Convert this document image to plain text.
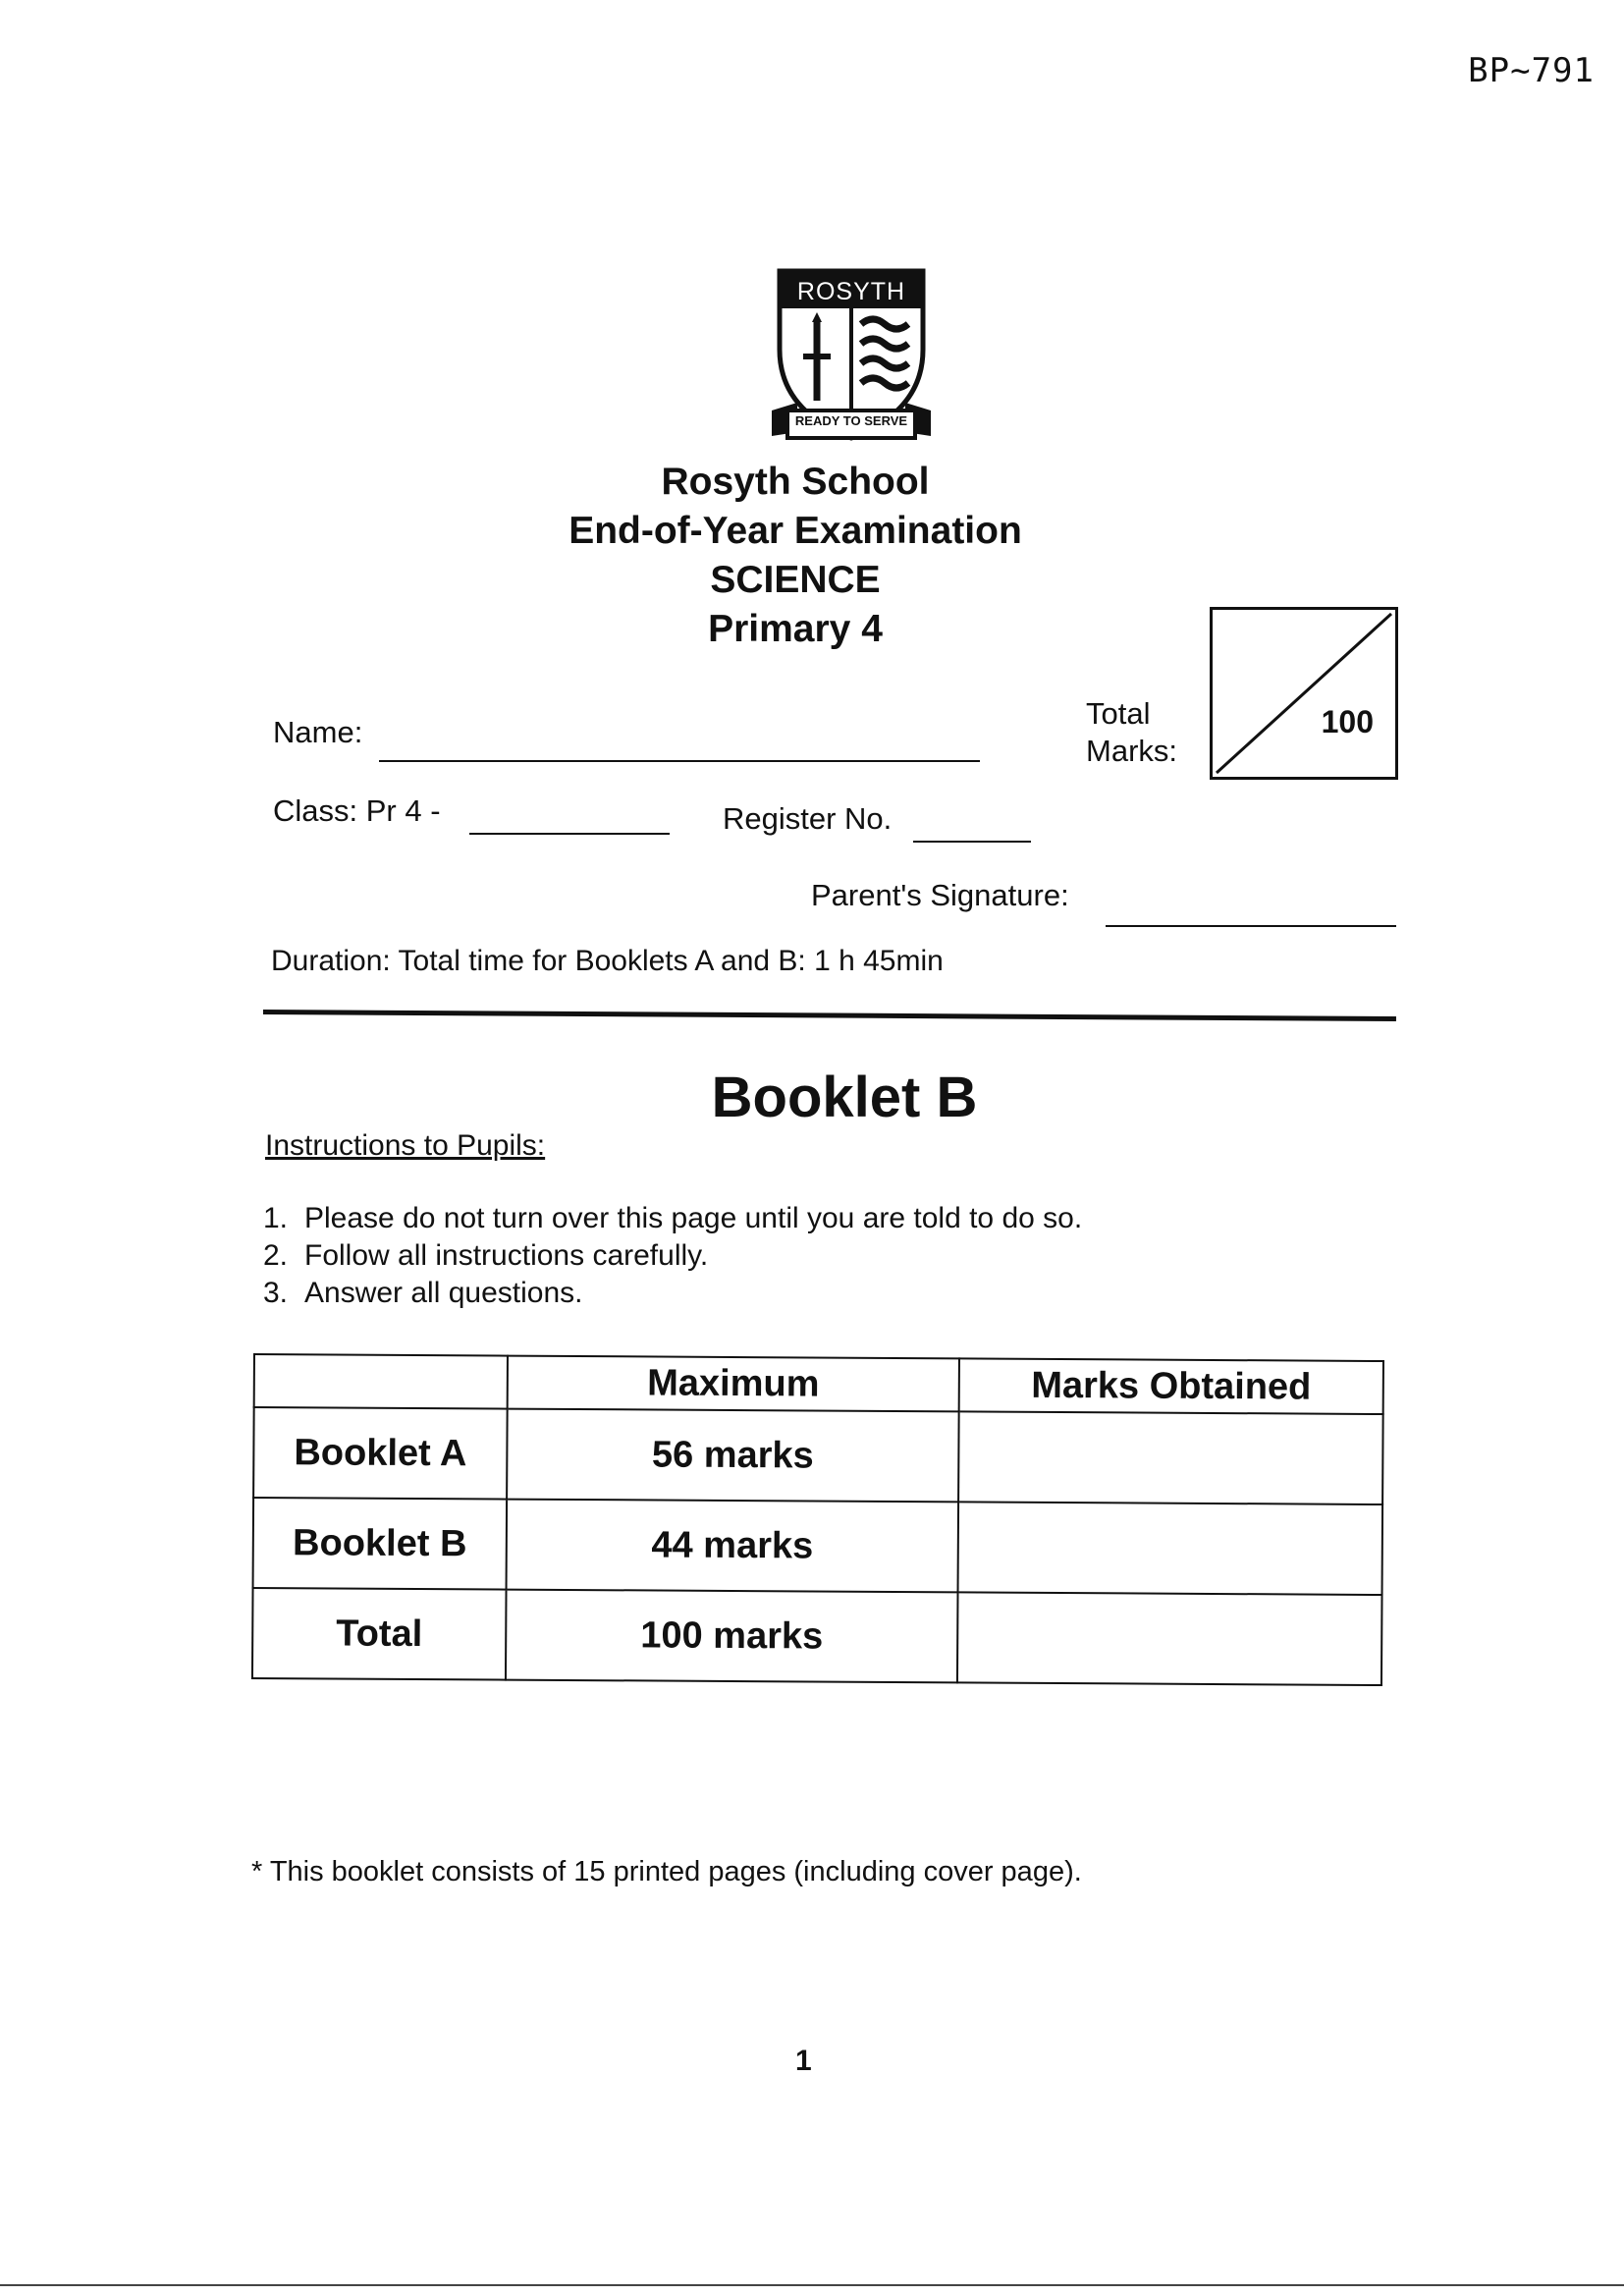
BP~791
ROSYTH
READY TO SERVE
Rosyth School
End-of-Year Examination
SCIENCE
Primary 4
Total Marks:
100
Name:
Class: Pr 4 -	Register No.
Parent's Signature:
Duration: Total time for Booklets A and B: 1 h 45min
Booklet B
Instructions to Pupils:
1. Please do not turn over this page until you are told to do so.
2. Follow all instructions carefully.
3. Answer all questions.
	Maximum	Marks Obtained
Booklet A	56 marks	
Booklet B	44 marks	
Total	100 marks	
* This booklet consists of 15 printed pages (including cover page).
1
